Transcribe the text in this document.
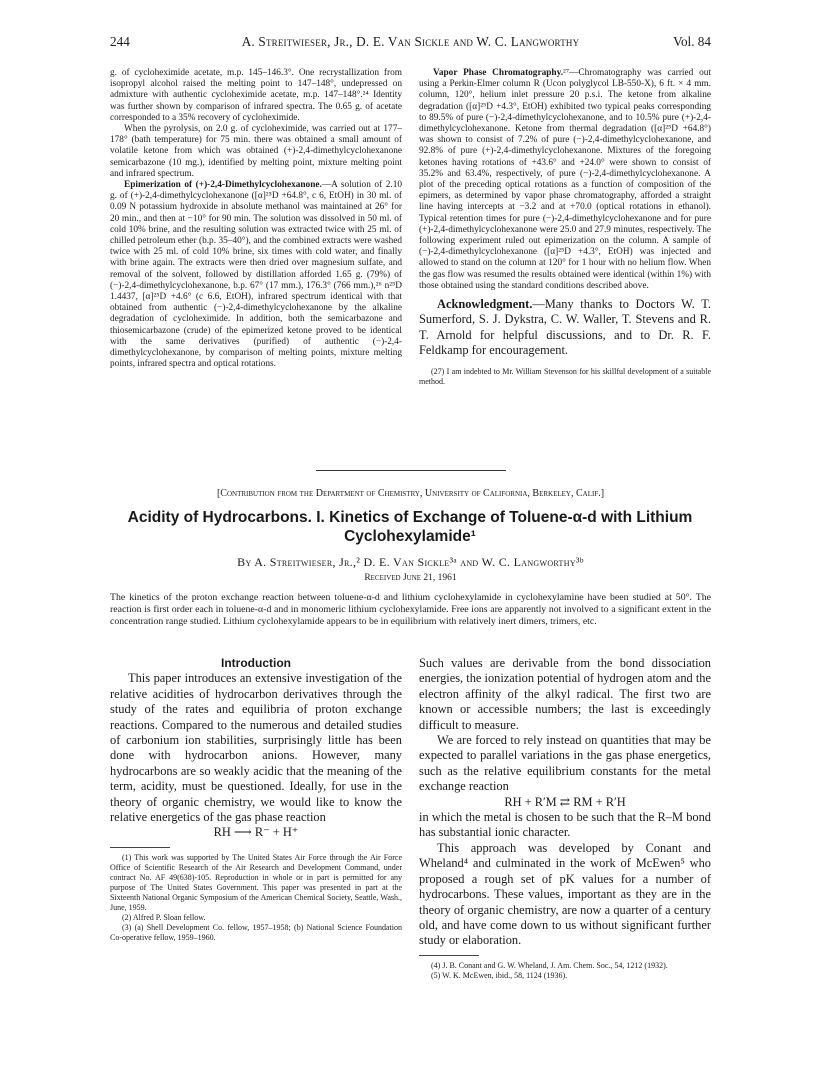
244	A. Streitwieser, Jr., D. E. Van Sickle and W. C. Langworthy	Vol. 84

g. of cycloheximide acetate, m.p. 145–146.3°. One recrystallization from isopropyl alcohol raised the melting point to 147–148°, undepressed on admixture with authentic cycloheximide acetate, m.p. 147–148°.²⁴ Identity was further shown by comparison of infrared spectra. The 0.65 g. of acetate corresponded to a 35% recovery of cycloheximide.

When the pyrolysis, on 2.0 g. of cycloheximide, was carried out at 177–178° (bath temperature) for 75 min. there was obtained a small amount of volatile ketone from which was obtained (+)-2,4-dimethylcyclohexanone semicarbazone (10 mg.), identified by melting point, mixture melting point and infrared spectrum.

Epimerization of (+)-2,4-Dimethylcyclohexanone.—A solution of 2.10 g. of (+)-2,4-dimethylcyclohexanone ([α]²⁵D +64.8°, c 6, EtOH) in 30 ml. of 0.09 N potassium hydroxide in absolute methanol was maintained at 26° for 20 min., and then at −10° for 90 min. The solution was dissolved in 50 ml. of cold 10% brine, and the resulting solution was extracted twice with 25 ml. of chilled petroleum ether (b.p. 35–40°), and the combined extracts were washed twice with 25 ml. of cold 10% brine, six times with cold water, and finally with brine again. The extracts were then dried over magnesium sulfate, and removal of the solvent, followed by distillation afforded 1.65 g. (79%) of (−)-2,4-dimethylcyclohexanone, b.p. 67° (17 mm.), 176.3° (766 mm.),²⁶ n²⁵D 1.4437, [α]²⁵D +4.6° (c 6.6, EtOH), infrared spectrum identical with that obtained from authentic (−)-2,4-dimethylcyclohexanone by the alkaline degradation of cycloheximide. In addition, both the semicarbazone and thiosemicarbazone (crude) of the epimerized ketone proved to be identical with the same derivatives (purified) of authentic (−)-2,4-dimethylcyclohexanone, by comparison of melting points, mixture melting points, infrared spectra and optical rotations.

Vapor Phase Chromatography.²⁷—Chromatography was carried out using a Perkin-Elmer column R (Ucon polyglycol LB-550-X), 6 ft. × 4 mm. column, 120°, helium inlet pressure 20 p.s.i. The ketone from alkaline degradation ([α]²⁵D +4.3°, EtOH) exhibited two typical peaks corresponding to 89.5% of pure (−)-2,4-dimethylcyclohexanone, and to 10.5% pure (+)-2,4-dimethylcyclohexanone. Ketone from thermal degradation ([α]²⁵D +64.8°) was shown to consist of 7.2% of pure (−)-2,4-dimethylcyclohexanone, and 92.8% of pure (+)-2,4-dimethylcyclohexanone. Mixtures of the foregoing ketones having rotations of +43.6° and +24.0° were shown to consist of 35.2% and 63.4%, respectively, of pure (−)-2,4-dimethylcyclohexanone. A plot of the preceding optical rotations as a function of composition of the epimers, as determined by vapor phase chromatography, afforded a straight line having intercepts at −3.2 and at +70.0 (optical rotations in ethanol). Typical retention times for pure (−)-2,4-dimethylcyclohexanone and for pure (+)-2,4-dimethylcyclohexanone were 25.0 and 27.9 minutes, respectively. The following experiment ruled out epimerization on the column. A sample of (−)-2,4-dimethylcyclohexanone ([α]²⁵D +4.3°, EtOH) was injected and allowed to stand on the column at 120° for 1 hour with no helium flow. When the gas flow was resumed the results obtained were identical (within 1%) with those obtained using the standard conditions described above.

Acknowledgment.—Many thanks to Doctors W. T. Sumerford, S. J. Dykstra, C. W. Waller, T. Stevens and R. T. Arnold for helpful discussions, and to Dr. R. F. Feldkamp for encouragement.

(27) I am indebted to Mr. William Stevenson for his skillful development of a suitable method.

[Contribution from the Department of Chemistry, University of California, Berkeley, Calif.]
Acidity of Hydrocarbons. I. Kinetics of Exchange of Toluene-α-d with Lithium Cyclohexylamide¹
By A. Streitwieser, Jr.,² D. E. Van Sickle³ᵃ and W. C. Langworthy³ᵇ
Received June 21, 1961
The kinetics of the proton exchange reaction between toluene-α-d and lithium cyclohexylamide in cyclohexylamine have been studied at 50°. The reaction is first order each in toluene-α-d and in monomeric lithium cyclohexylamide. Free ions are apparently not involved to a significant extent in the concentration range studied. Lithium cyclohexylamide appears to be in equilibrium with relatively inert dimers, trimers, etc.

Introduction

This paper introduces an extensive investigation of the relative acidities of hydrocarbon derivatives through the study of the rates and equilibria of proton exchange reactions. Compared to the numerous and detailed studies of carbonium ion stabilities, surprisingly little has been done with hydrocarbon anions. However, many hydrocarbons are so weakly acidic that the meaning of the term, acidity, must be questioned. Ideally, for use in the theory of organic chemistry, we would like to know the relative energetics of the gas phase reaction

RH ⟶ R⁻ + H⁺

(1) This work was supported by The United States Air Force through the Air Force Office of Scientific Research of the Air Research and Development Command, under contract No. AF 49(638)-105. Reproduction in whole or in part is permitted for any purpose of The United States Government. This paper was presented in part at the Sixteenth National Organic Symposium of the American Chemical Society, Seattle, Wash., June, 1959.

(2) Alfred P. Sloan fellow.

(3) (a) Shell Development Co. fellow, 1957–1958; (b) National Science Foundation Co-operative fellow, 1959–1960.

Such values are derivable from the bond dissociation energies, the ionization potential of hydrogen atom and the electron affinity of the alkyl radical. The first two are known or accessible numbers; the last is exceedingly difficult to measure.

We are forced to rely instead on quantities that may be expected to parallel variations in the gas phase energetics, such as the relative equilibrium constants for the metal exchange reaction

RH + R′M ⇄ RM + R′H

in which the metal is chosen to be such that the R–M bond has substantial ionic character.

This approach was developed by Conant and Wheland⁴ and culminated in the work of McEwen⁵ who proposed a rough set of pK values for a number of hydrocarbons. These values, important as they are in the theory of organic chemistry, are now a quarter of a century old, and have come down to us without significant further study or elaboration.

(4) J. B. Conant and G. W. Wheland, J. Am. Chem. Soc., 54, 1212 (1932).

(5) W. K. McEwen, ibid., 58, 1124 (1936).
